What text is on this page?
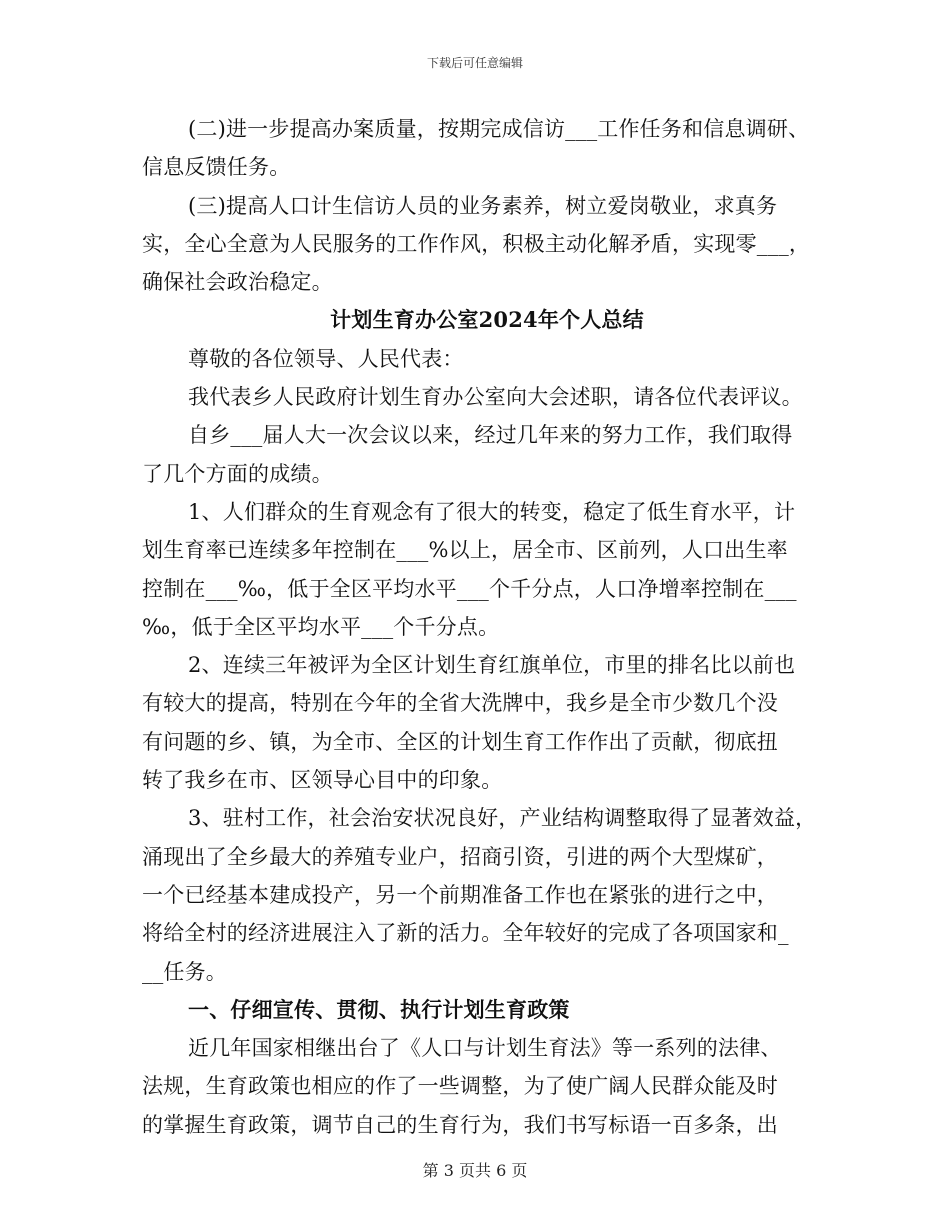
下载后可任意编辑
(二)进一步提高办案质量，按期完成信访___工作任务和信息调研、
信息反馈任务。
(三)提高人口计生信访人员的业务素养，树立爱岗敬业，求真务
实，全心全意为人民服务的工作作风，积极主动化解矛盾，实现零___，
确保社会政治稳定。
计划生育办公室2024年个人总结
尊敬的各位领导、人民代表：
我代表乡人民政府计划生育办公室向大会述职，请各位代表评议。
自乡___届人大一次会议以来，经过几年来的努力工作，我们取得
了几个方面的成绩。
1、人们群众的生育观念有了很大的转变，稳定了低生育水平，计
划生育率已连续多年控制在___%以上，居全市、区前列，人口出生率
控制在___‰，低于全区平均水平___个千分点，人口净增率控制在___
‰，低于全区平均水平___个千分点。
2、连续三年被评为全区计划生育红旗单位，市里的排名比以前也
有较大的提高，特别在今年的全省大洗牌中，我乡是全市少数几个没
有问题的乡、镇，为全市、全区的计划生育工作作出了贡献，彻底扭
转了我乡在市、区领导心目中的印象。
3、驻村工作，社会治安状况良好，产业结构调整取得了显著效益，
涌现出了全乡最大的养殖专业户，招商引资，引进的两个大型煤矿，
一个已经基本建成投产，另一个前期准备工作也在紧张的进行之中，
将给全村的经济进展注入了新的活力。全年较好的完成了各项国家和_
__任务。
一、仔细宣传、贯彻、执行计划生育政策
近几年国家相继出台了《人口与计划生育法》等一系列的法律、
法规，生育政策也相应的作了一些调整，为了使广阔人民群众能及时
的掌握生育政策，调节自己的生育行为，我们书写标语一百多条，出
第 3 页共 6 页
